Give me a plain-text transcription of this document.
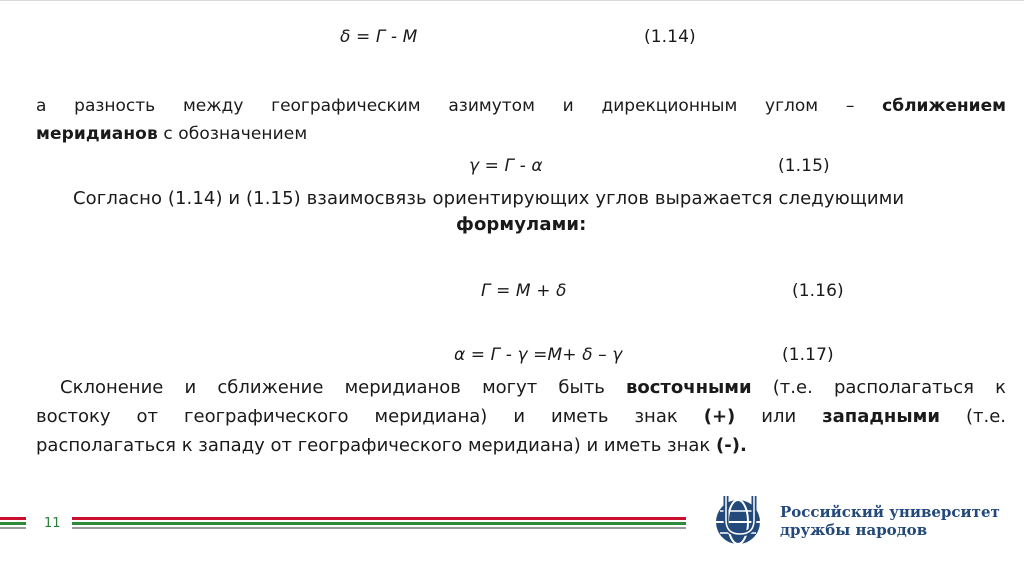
δ = Г - М	(1.14)
а разность между географическим азимутом и дирекционным углом – сближением
меридианов с обозначением
γ = Г - α	(1.15)
Согласно (1.14) и (1.15) взаимосвязь ориентирующих углов выражается следующими
формулами:
Г = М + δ	(1.16)
α = Г - γ =М+ δ – γ	(1.17)
Склонение и сближение меридианов могут быть восточными (т.е. располагаться к
востоку от географического меридиана) и иметь знак (+) или западными (т.е.
располагаться к западу от географического меридиана) и иметь знак (-).
11
Российский университет
дружбы народов
